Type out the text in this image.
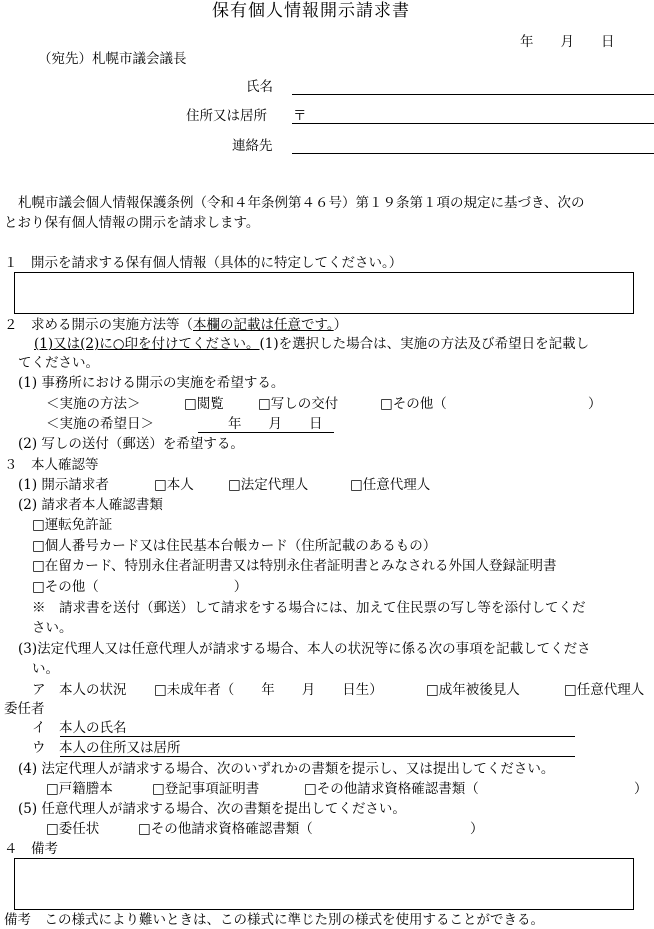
保有個人情報開示請求書
年　　月　　日
（宛先）札幌市議会議長
氏名
住所又は居所 〒
連絡先
札幌市議会個人情報保護条例（令和４年条例第４６号）第１９条第１項の規定に基づき、次の
とおり保有個人情報の開示を請求します。
１　開示を請求する保有個人情報（具体的に特定してください。）
２　求める開示の実施方法等（本欄の記載は任意です。）
(1)又は(2)に○印を付けてください。(1)を選択した場合は、実施の方法及び希望日を記載し
てください。
(1) 事務所における開示の実施を希望する。
＜実施の方法＞	□閲覧	□写しの交付	□その他（	）
＜実施の希望日＞	年　　月　　日
(2) 写しの送付（郵送）を希望する。
３　本人確認等
(1) 開示請求者	□本人	□法定代理人	□任意代理人
(2) 請求者本人確認書類
□運転免許証
□個人番号カード又は住民基本台帳カード（住所記載のあるもの）
□在留カード、特別永住者証明書又は特別永住者証明書とみなされる外国人登録証明書
□その他（　　　　　　　　　　）
※　請求書を送付（郵送）して請求をする場合には、加えて住民票の写し等を添付してくだ
さい。
(3)法定代理人又は任意代理人が請求する場合、本人の状況等に係る次の事項を記載してくださ
い。
ア　本人の状況 □未成年者（　　年　　月　　日生）	□成年被後見人	□任意代理人
委任者
イ　本人の氏名
ウ　本人の住所又は居所
(4) 法定代理人が請求する場合、次のいずれかの書類を提示し、又は提出してください。
□戸籍謄本	□登記事項証明書	□その他請求資格確認書類（	）
(5) 任意代理人が請求する場合、次の書類を提出してください。
□委任状	□その他請求資格確認書類（	）
４　備考
備考　この様式により難いときは、この様式に準じた別の様式を使用することができる。
